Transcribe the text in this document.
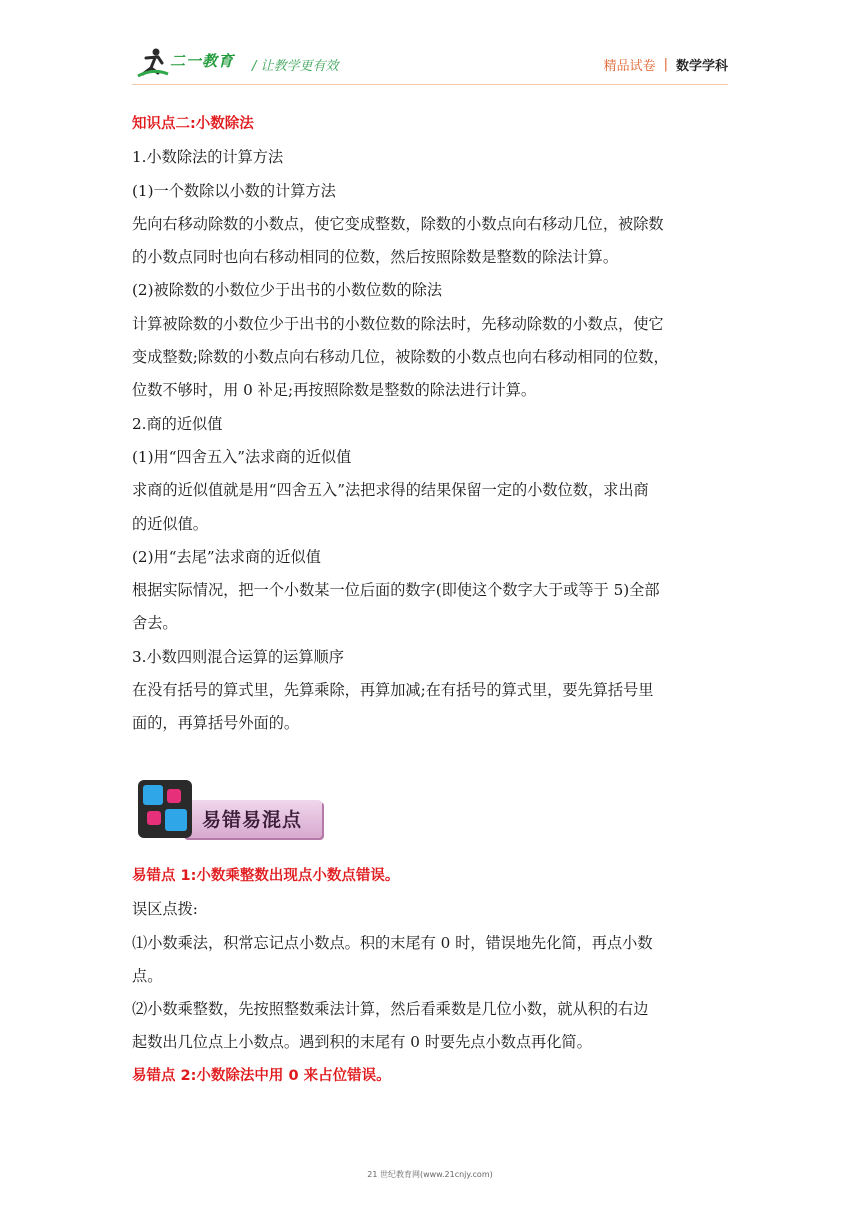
二一教育 / 让教学更有效	精品试卷 | 数学学科
知识点二:小数除法
1.小数除法的计算方法
(1)一个数除以小数的计算方法
先向右移动除数的小数点，使它变成整数，除数的小数点向右移动几位，被除数
的小数点同时也向右移动相同的位数，然后按照除数是整数的除法计算。
(2)被除数的小数位少于出书的小数位数的除法
计算被除数的小数位少于出书的小数位数的除法时，先移动除数的小数点，使它
变成整数;除数的小数点向右移动几位，被除数的小数点也向右移动相同的位数，
位数不够时，用 0 补足;再按照除数是整数的除法进行计算。
2.商的近似值
(1)用“四舍五入”法求商的近似值
求商的近似值就是用“四舍五入”法把求得的结果保留一定的小数位数，求出商
的近似值。
(2)用“去尾”法求商的近似值
根据实际情况，把一个小数某一位后面的数字(即使这个数字大于或等于 5)全部
舍去。
3.小数四则混合运算的运算顺序
在没有括号的算式里，先算乘除，再算加减;在有括号的算式里，要先算括号里
面的，再算括号外面的。
易错易混点
易错点 1:小数乘整数出现点小数点错误。
误区点拨:
⑴小数乘法，积常忘记点小数点。积的末尾有 0 时，错误地先化简，再点小数
点。
⑵小数乘整数，先按照整数乘法计算，然后看乘数是几位小数，就从积的右边
起数出几位点上小数点。遇到积的末尾有 0 时要先点小数点再化简。
易错点 2:小数除法中用 0 来占位错误。
21 世纪教育网(www.21cnjy.com)
